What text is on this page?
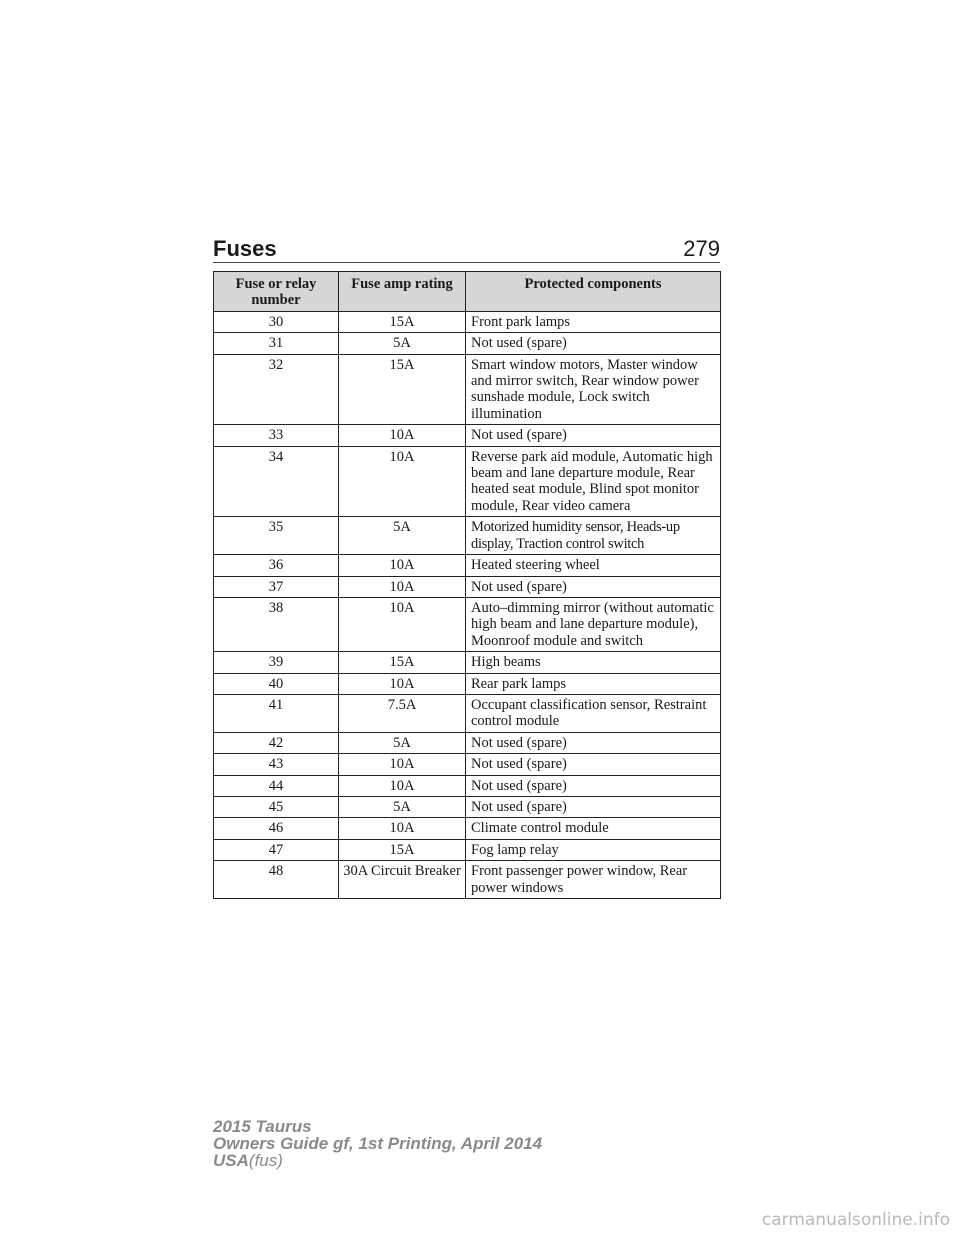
Fuses	279
Fuse or relay number	Fuse amp rating	Protected components
30	15A	Front park lamps
31	5A	Not used (spare)
32	15A	Smart window motors, Master window and mirror switch, Rear window power sunshade module, Lock switch illumination
33	10A	Not used (spare)
34	10A	Reverse park aid module, Automatic high beam and lane departure module, Rear heated seat module, Blind spot monitor module, Rear video camera
35	5A	Motorized humidity sensor, Heads-up display, Traction control switch
36	10A	Heated steering wheel
37	10A	Not used (spare)
38	10A	Auto–dimming mirror (without automatic high beam and lane departure module), Moonroof module and switch
39	15A	High beams
40	10A	Rear park lamps
41	7.5A	Occupant classification sensor, Restraint control module
42	5A	Not used (spare)
43	10A	Not used (spare)
44	10A	Not used (spare)
45	5A	Not used (spare)
46	10A	Climate control module
47	15A	Fog lamp relay
48	30A Circuit Breaker	Front passenger power window, Rear power windows
2015 Taurus
Owners Guide gf, 1st Printing, April 2014
USA(fus)
carmanualsonline.info
